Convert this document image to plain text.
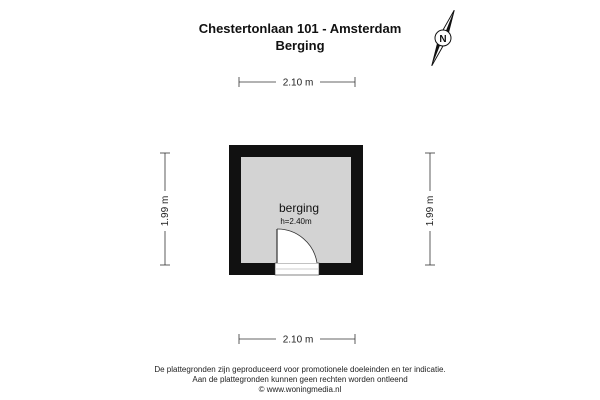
Chestertonlaan 101 - Amsterdam
Berging	N
2.10 m
2.10 m
1.99 m	1.99 m
berging
h=2.40m
De plattegronden zijn geproduceerd voor promotionele doeleinden en ter indicatie.
Aan de plattegronden kunnen geen rechten worden ontleend
© www.woningmedia.nl
